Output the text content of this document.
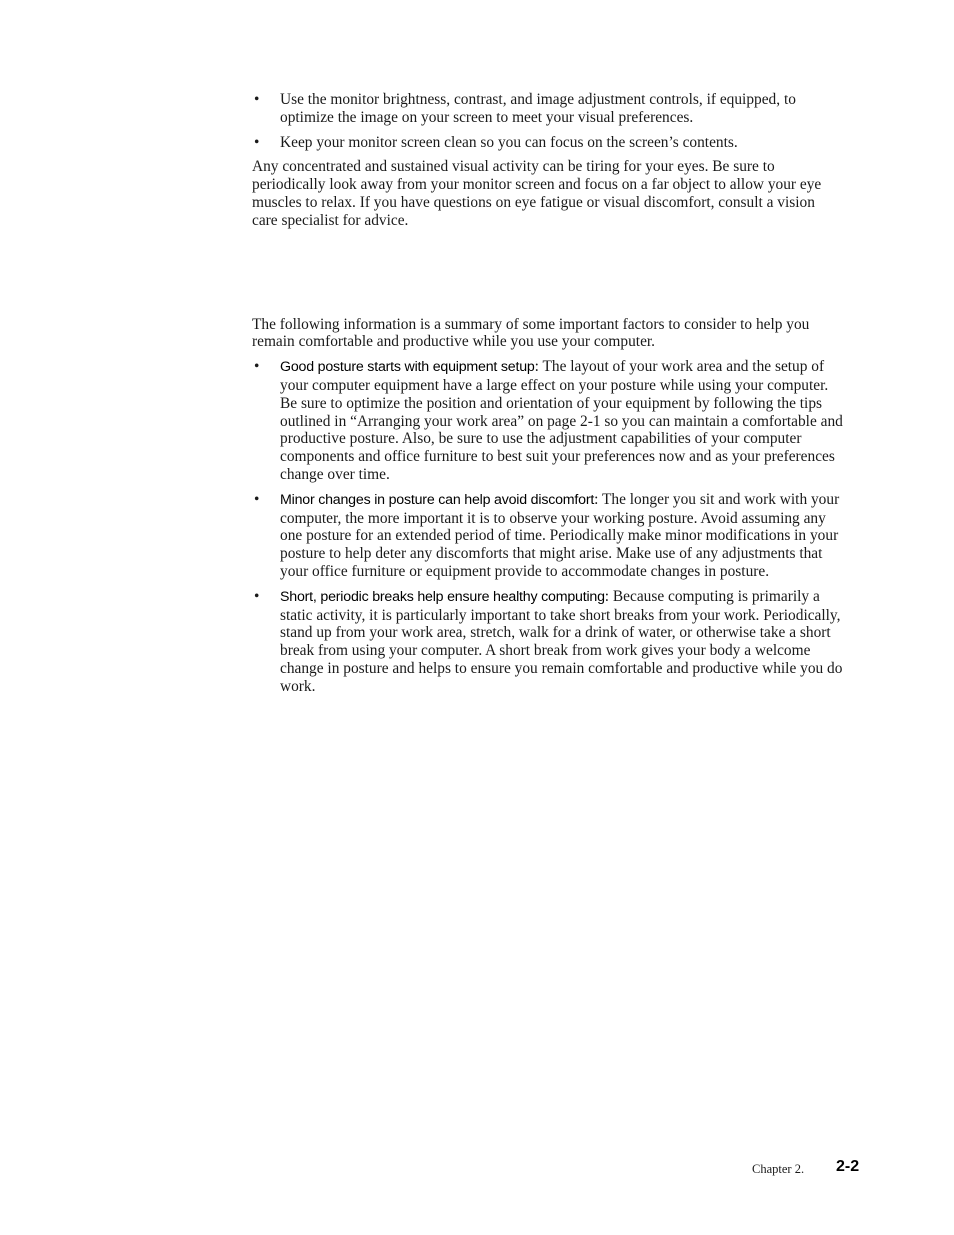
• Use the monitor brightness, contrast, and image adjustment controls, if equipped, to optimize the image on your screen to meet your visual preferences.
• Keep your monitor screen clean so you can focus on the screen’s contents.

Any concentrated and sustained visual activity can be tiring for your eyes. Be sure to periodically look away from your monitor screen and focus on a far object to allow your eye muscles to relax. If you have questions on eye fatigue or visual discomfort, consult a vision care specialist for advice.

The following information is a summary of some important factors to consider to help you remain comfortable and productive while you use your computer.

• Good posture starts with equipment setup: The layout of your work area and the setup of your computer equipment have a large effect on your posture while using your computer. Be sure to optimize the position and orientation of your equipment by following the tips outlined in “Arranging your work area” on page 2-1 so you can maintain a comfortable and productive posture. Also, be sure to use the adjustment capabilities of your computer components and office furniture to best suit your preferences now and as your preferences change over time.
• Minor changes in posture can help avoid discomfort: The longer you sit and work with your computer, the more important it is to observe your working posture. Avoid assuming any one posture for an extended period of time. Periodically make minor modifications in your posture to help deter any discomforts that might arise. Make use of any adjustments that your office furniture or equipment provide to accommodate changes in posture.
• Short, periodic breaks help ensure healthy computing: Because computing is primarily a static activity, it is particularly important to take short breaks from your work. Periodically, stand up from your work area, stretch, walk for a drink of water, or otherwise take a short break from using your computer. A short break from work gives your body a welcome change in posture and helps to ensure you remain comfortable and productive while you do work.
Chapter 2. 2-2
